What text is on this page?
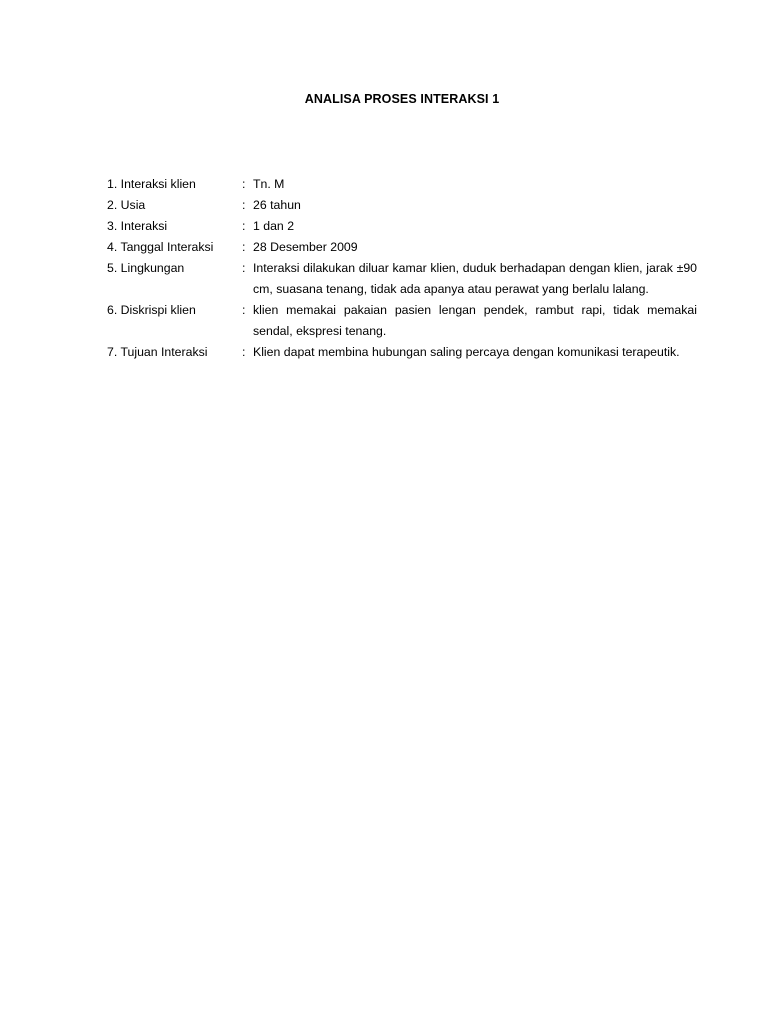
ANALISA PROSES INTERAKSI 1
1. Interaksi klien	: Tn. M
2. Usia	: 26 tahun
3. Interaksi	: 1 dan 2
4. Tanggal Interaksi	: 28 Desember 2009
5. Lingkungan	: Interaksi dilakukan diluar kamar klien, duduk berhadapan dengan klien, jarak ±90 cm, suasana tenang, tidak ada apanya atau perawat yang berlalu lalang.
6. Diskrispi klien	: klien memakai pakaian pasien lengan pendek, rambut rapi, tidak memakai sendal, ekspresi tenang.
7. Tujuan Interaksi	: Klien dapat membina hubungan saling percaya dengan komunikasi terapeutik.
